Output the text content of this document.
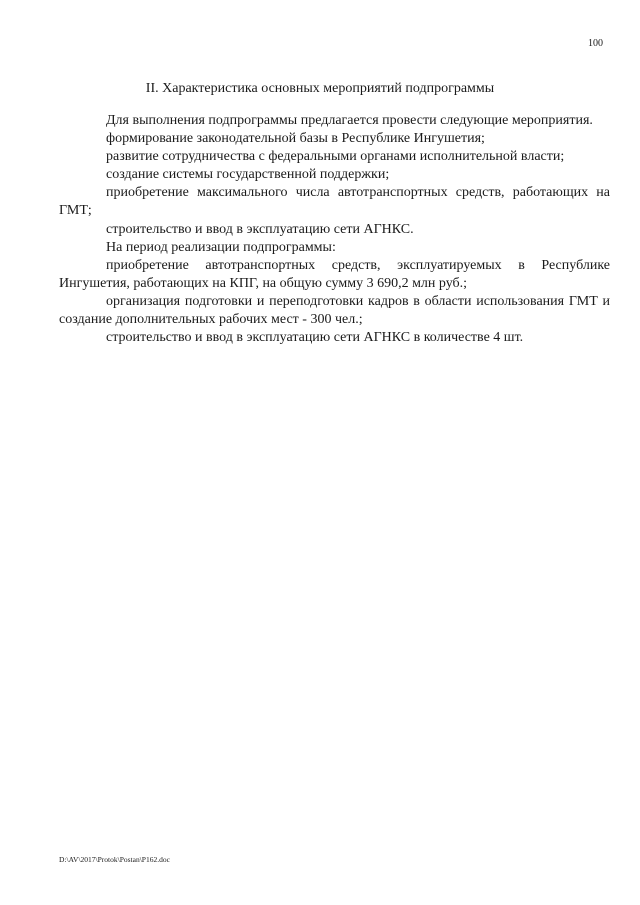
100
II. Характеристика основных мероприятий подпрограммы

Для выполнения подпрограммы предлагается провести следующие мероприятия.

формирование законодательной базы в Республике Ингушетия;

развитие сотрудничества с федеральными органами исполнительной власти;

создание системы государственной поддержки;

приобретение максимального числа автотранспортных средств, работающих на ГМТ;

строительство и ввод в эксплуатацию сети АГНКС.

На период реализации подпрограммы:

приобретение автотранспортных средств, эксплуатируемых в Республике Ингушетия, работающих на КПГ, на общую сумму 3 690,2 млн руб.;

организация подготовки и переподготовки кадров в области использования ГМТ и создание дополнительных рабочих мест - 300 чел.;

строительство и ввод в эксплуатацию сети АГНКС в количестве 4 шт.

D:\AV\2017\Protok\Postan\P162.doc
